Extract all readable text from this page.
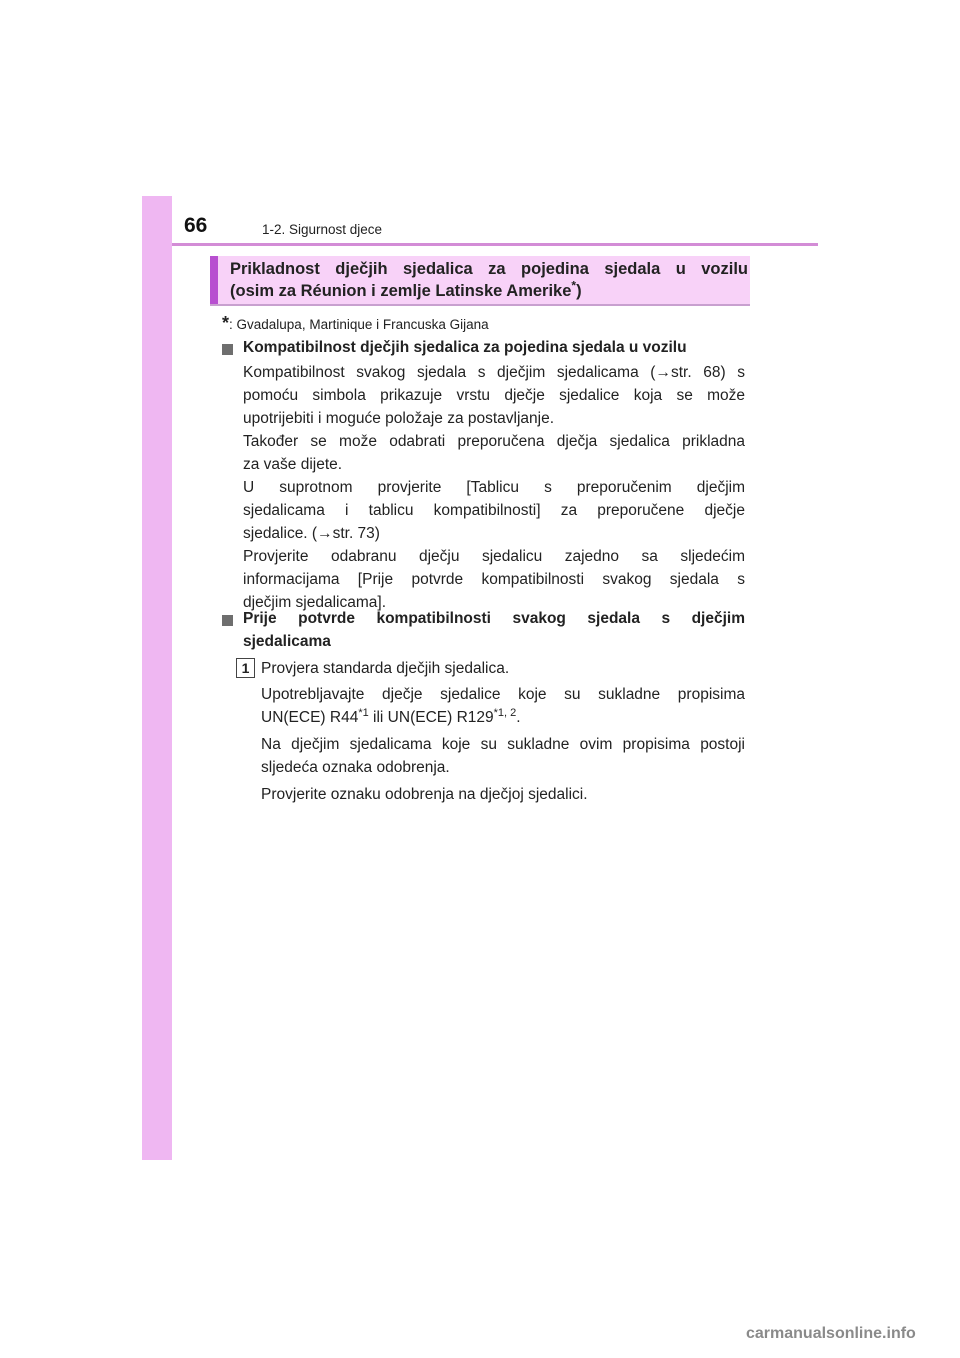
66	1-2. Sigurnost djece
Prikladnost dječjih sjedalica za pojedina sjedala u vozilu
(osim za Réunion i zemlje Latinske Amerike*)
*: Gvadalupa, Martinique i Francuska Gijana
Kompatibilnost dječjih sjedalica za pojedina sjedala u vozilu
Kompatibilnost svakog sjedala s dječjim sjedalicama (→str. 68) s
pomoću simbola prikazuje vrstu dječje sjedalice koja se može
upotrijebiti i moguće položaje za postavljanje.
Također se može odabrati preporučena dječja sjedalica prikladna
za vaše dijete.
U suprotnom provjerite [Tablicu s preporučenim dječjim
sjedalicama i tablicu kompatibilnosti] za preporučene dječje
sjedalice. (→str. 73)
Provjerite odabranu dječju sjedalicu zajedno sa sljedećim
informacijama [Prije potvrde kompatibilnosti svakog sjedala s
dječjim sjedalicama].
Prije potvrde kompatibilnosti svakog sjedala s dječjim
sjedalicama
1 Provjera standarda dječjih sjedalica.
Upotrebljavajte dječje sjedalice koje su sukladne propisima
UN(ECE) R44$^{*1}$ ili UN(ECE) R129$^{*1, 2}$.
Na dječjim sjedalicama koje su sukladne ovim propisima postoji
sljedeća oznaka odobrenja.
Provjerite oznaku odobrenja na dječjoj sjedalici.
carmanualsonline.info
